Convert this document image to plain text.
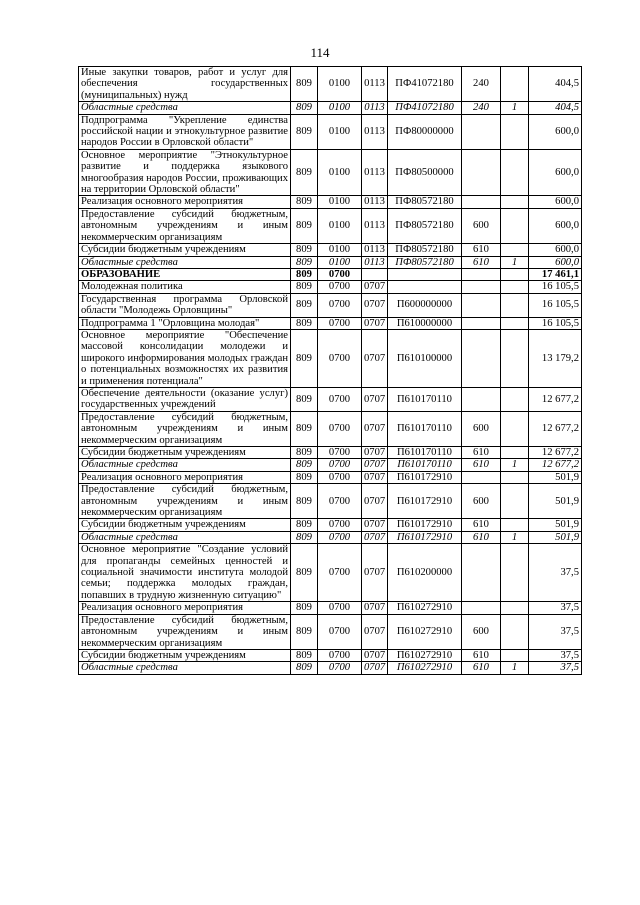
114
Иные закупки товаров, работ и услуг для обеспечения государственных (муниципальных) нужд	809	0100	0113	ПФ41072180	240		404,5
Областные средства	809	0100	0113	ПФ41072180	240	1	404,5
Подпрограмма "Укрепление единства российской нации и этнокультурное развитие народов России в Орловской области"	809	0100	0113	ПФ80000000			600,0
Основное мероприятие "Этнокультурное развитие и поддержка языкового многообразия народов России, проживающих на территории Орловской области"	809	0100	0113	ПФ80500000			600,0
Реализация основного мероприятия	809	0100	0113	ПФ80572180			600,0
Предоставление субсидий бюджетным, автономным учреждениям и иным некоммерческим организациям	809	0100	0113	ПФ80572180	600		600,0
Субсидии бюджетным учреждениям	809	0100	0113	ПФ80572180	610		600,0
Областные средства	809	0100	0113	ПФ80572180	610	1	600,0
ОБРАЗОВАНИЕ	809	0700					17 461,1
Молодежная политика	809	0700	0707				16 105,5
Государственная программа Орловской области "Молодежь Орловщины"	809	0700	0707	П600000000			16 105,5
Подпрограмма 1 "Орловщина молодая"	809	0700	0707	П610000000			16 105,5
Основное мероприятие "Обеспечение массовой консолидации молодежи и широкого информирования молодых граждан о потенциальных возможностях их развития и применения потенциала"	809	0700	0707	П610100000			13 179,2
Обеспечение деятельности (оказание услуг) государственных учреждений	809	0700	0707	П610170110			12 677,2
Предоставление субсидий бюджетным, автономным учреждениям и иным некоммерческим организациям	809	0700	0707	П610170110	600		12 677,2
Субсидии бюджетным учреждениям	809	0700	0707	П610170110	610		12 677,2
Областные средства	809	0700	0707	П610170110	610	1	12 677,2
Реализация основного мероприятия	809	0700	0707	П610172910			501,9
Предоставление субсидий бюджетным, автономным учреждениям и иным некоммерческим организациям	809	0700	0707	П610172910	600		501,9
Субсидии бюджетным учреждениям	809	0700	0707	П610172910	610		501,9
Областные средства	809	0700	0707	П610172910	610	1	501,9
Основное мероприятие "Создание условий для пропаганды семейных ценностей и социальной значимости института молодой семьи; поддержка молодых граждан, попавших в трудную жизненную ситуацию"	809	0700	0707	П610200000			37,5
Реализация основного мероприятия	809	0700	0707	П610272910			37,5
Предоставление субсидий бюджетным, автономным учреждениям и иным некоммерческим организациям	809	0700	0707	П610272910	600		37,5
Субсидии бюджетным учреждениям	809	0700	0707	П610272910	610		37,5
Областные средства	809	0700	0707	П610272910	610	1	37,5
